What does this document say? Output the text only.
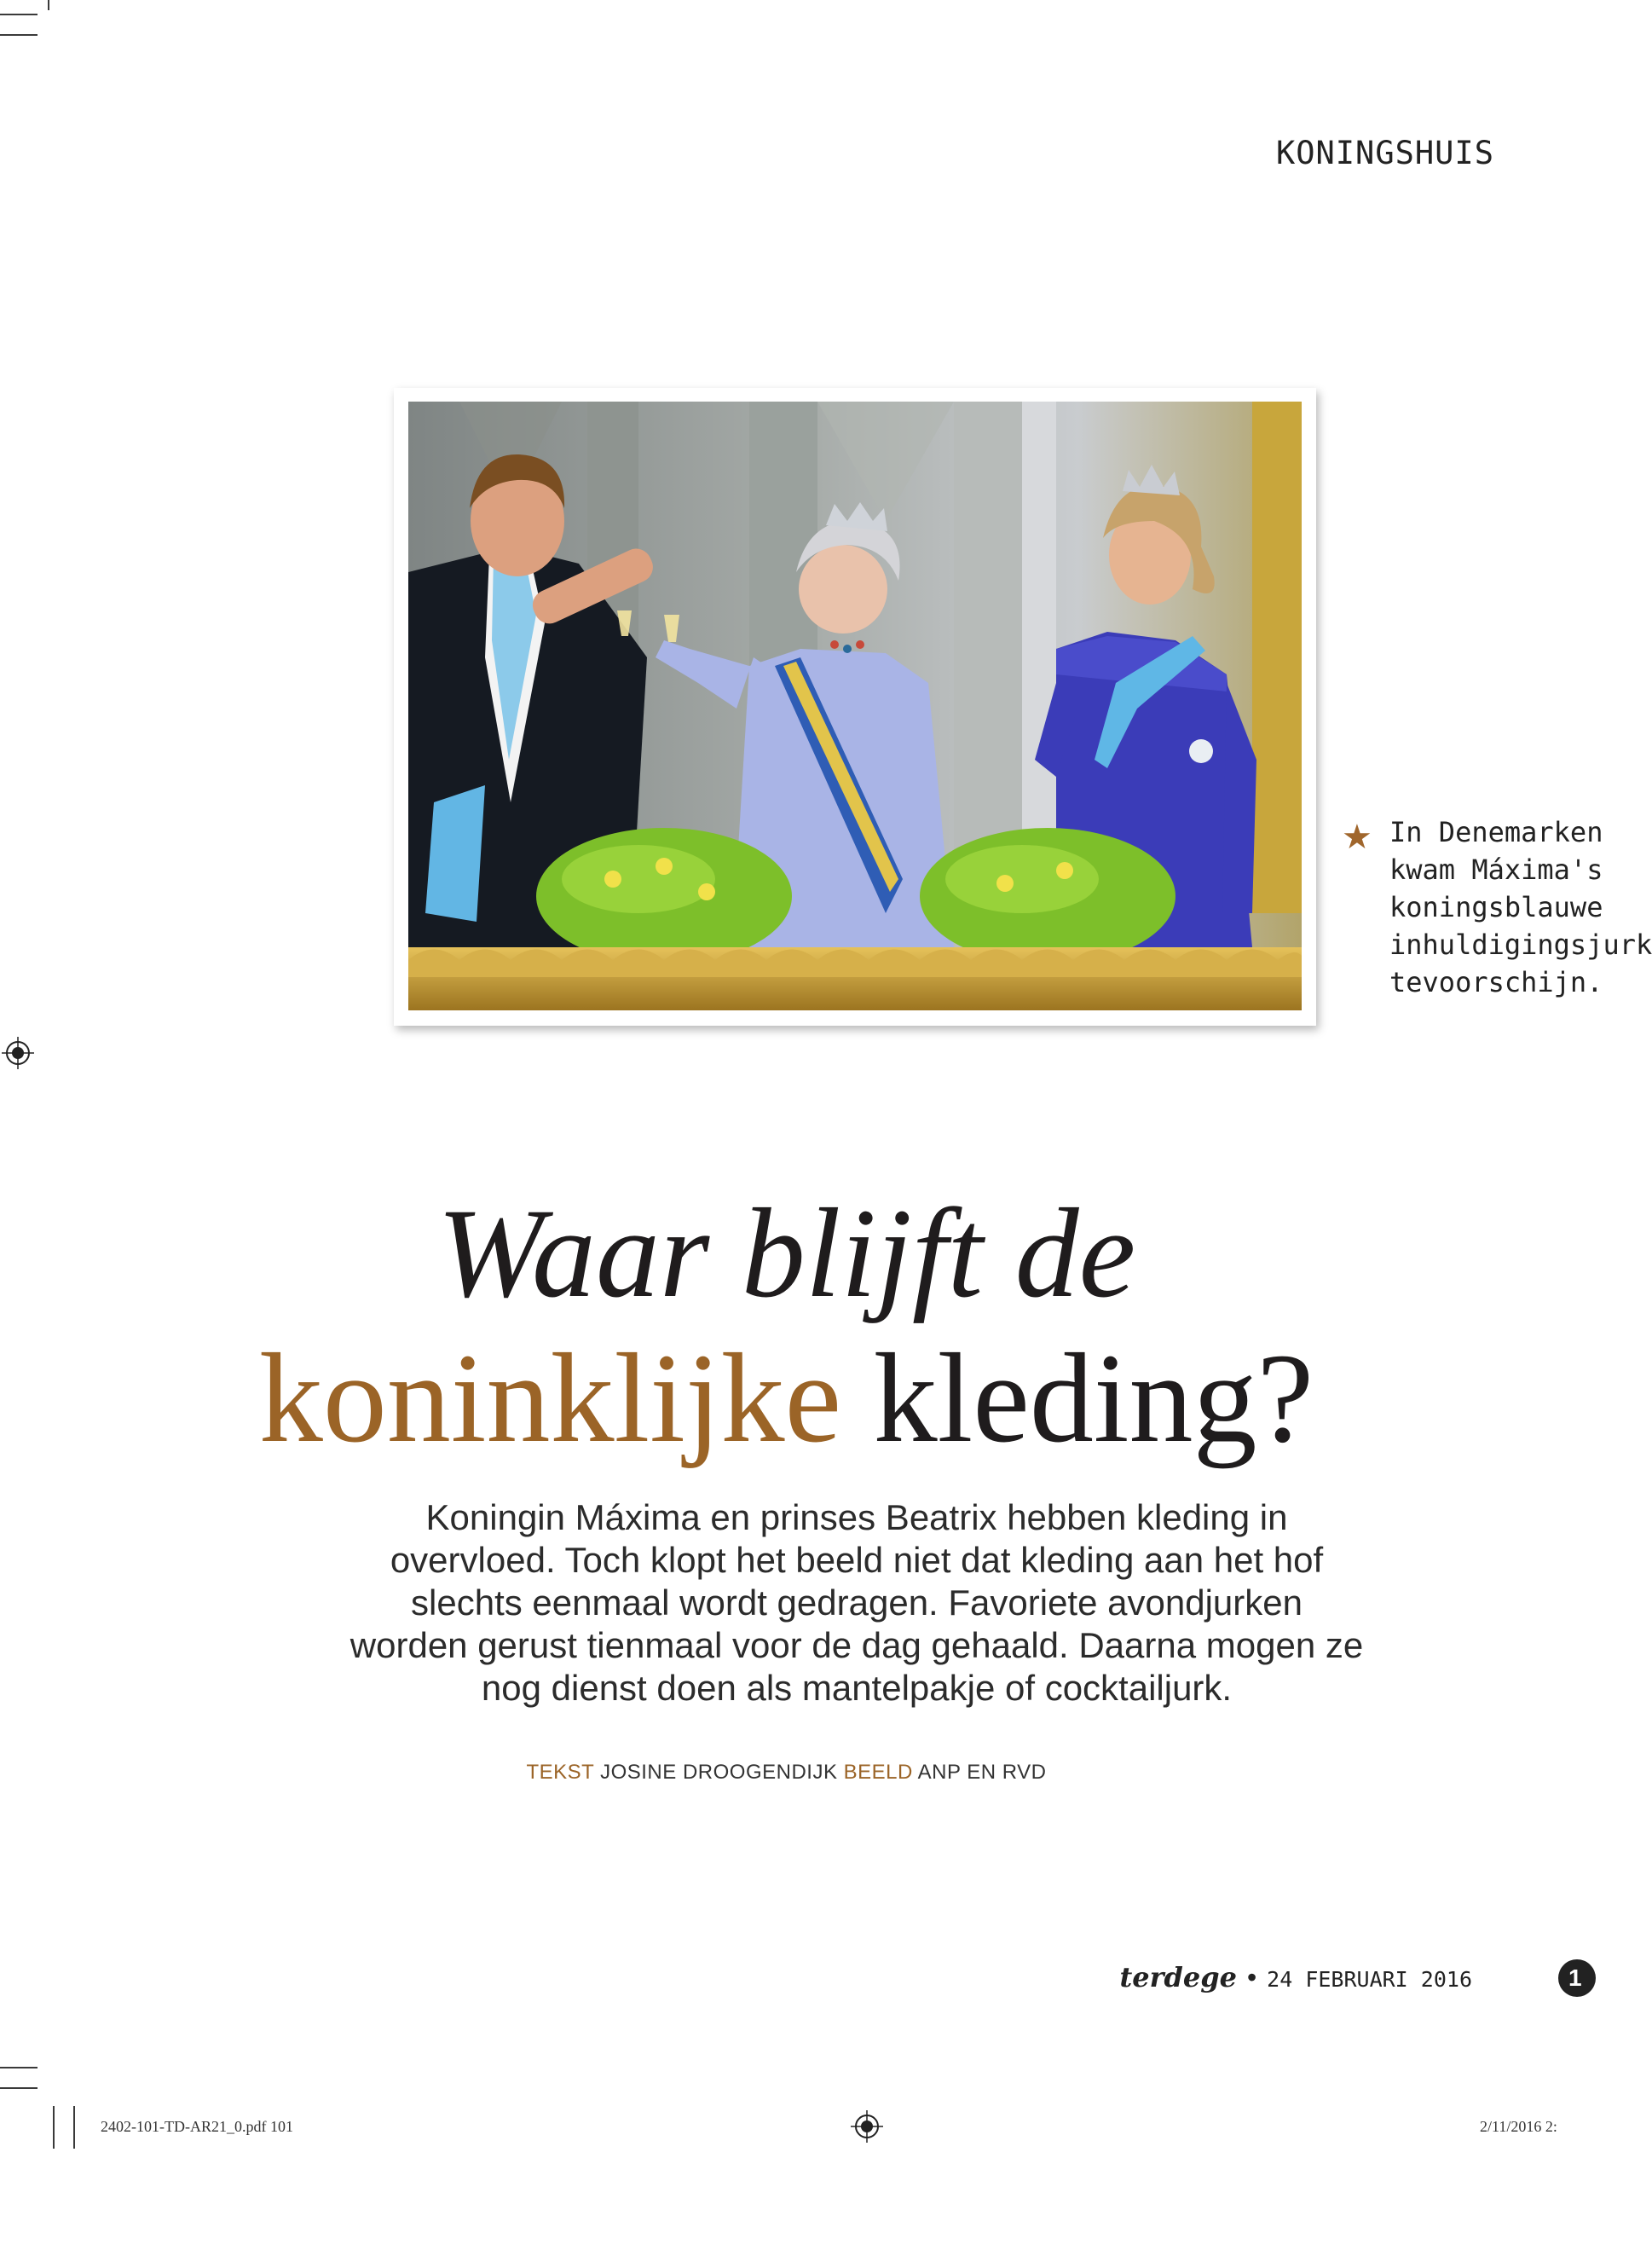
KONINGSHUIS
★ In Denemarken
kwam Máxima's
koningsblauwe
inhuldigingsjurk
tevoorschijn.
Waar blijft de
koninklijke kleding?
Koningin Máxima en prinses Beatrix hebben kleding in
overvloed. Toch klopt het beeld niet dat kleding aan het hof
slechts eenmaal wordt gedragen. Favoriete avondjurken
worden gerust tienmaal voor de dag gehaald. Daarna mogen ze
nog dienst doen als mantelpakje of cocktailjurk.
TEKST JOSINE DROOGENDIJK BEELD ANP EN RVD
terdege • 24 FEBRUARI 2016	1
2402-101-TD-AR21_0.pdf 101	2/11/2016 2:
